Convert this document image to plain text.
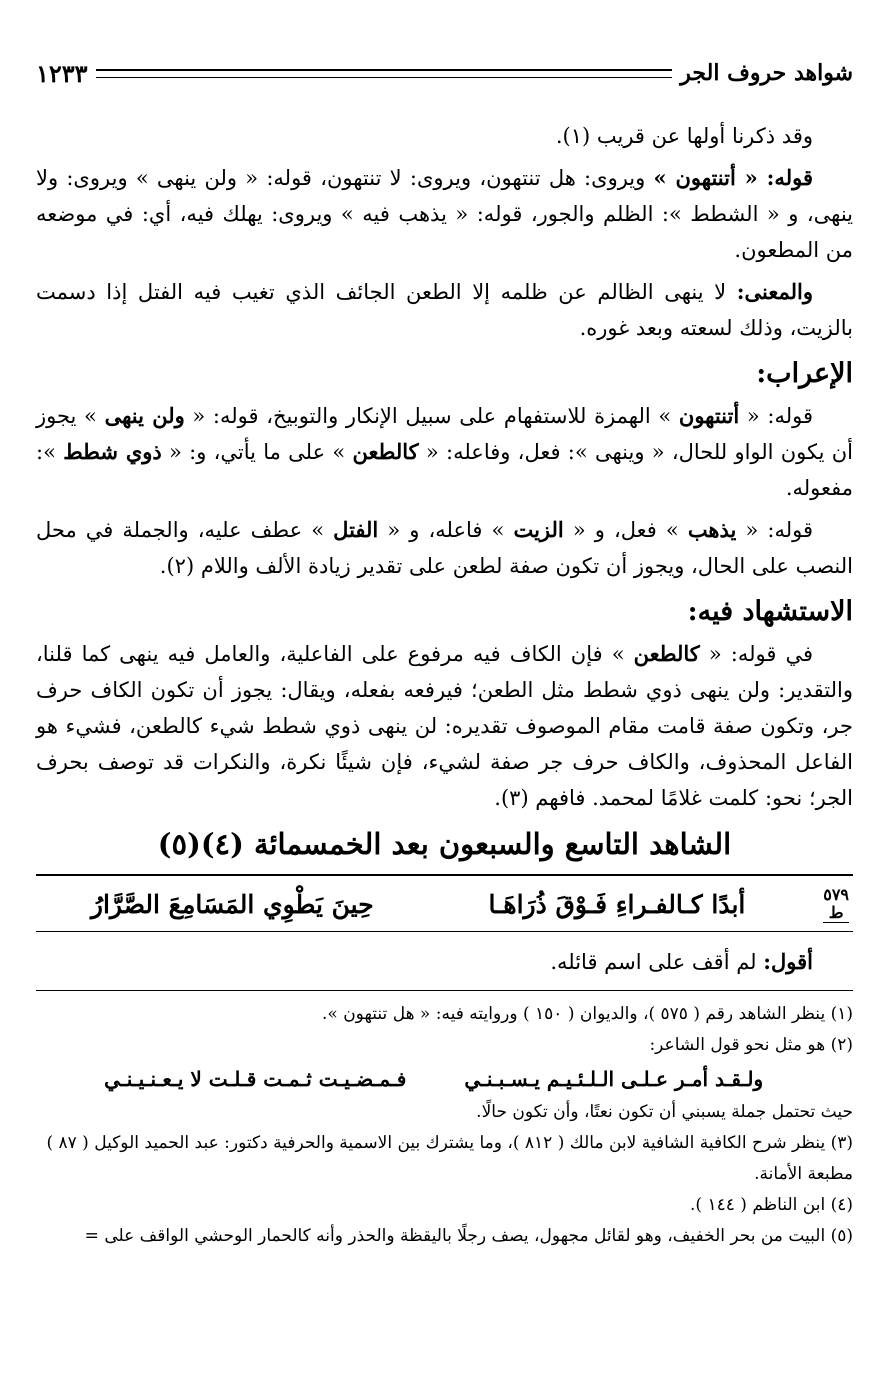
شواهد حروف الجر
١٢٣٣

وقد ذكرنا أولها عن قريب (١).

قوله: « أتنتهون » ويروى: هل تنتهون، ويروى: لا تنتهون، قوله: « ولن ينهى » ويروى: ولا ينهى، و « الشطط »: الظلم والجور، قوله: « يذهب فيه » ويروى: يهلك فيه، أي: في موضعه من المطعون.

والمعنى: لا ينهى الظالم عن ظلمه إلا الطعن الجائف الذي تغيب فيه الفتل إذا دسمت بالزيت، وذلك لسعته وبعد غوره.

الإعراب:

قوله: « أتنتهون » الهمزة للاستفهام على سبيل الإنكار والتوبيخ، قوله: « ولن ينهى » يجوز أن يكون الواو للحال، « وينهى »: فعل، وفاعله: « كالطعن » على ما يأتي، و: « ذوي شطط »: مفعوله.

قوله: « يذهب » فعل، و « الزيت » فاعله، و « الفتل » عطف عليه، والجملة في محل النصب على الحال، ويجوز أن تكون صفة لطعن على تقدير زيادة الألف واللام (٢).

الاستشهاد فيه:

في قوله: « كالطعن » فإن الكاف فيه مرفوع على الفاعلية، والعامل فيه ينهى كما قلنا، والتقدير: ولن ينهى ذوي شطط مثل الطعن؛ فيرفعه بفعله، ويقال: يجوز أن تكون الكاف حرف جر، وتكون صفة قامت مقام الموصوف تقديره: لن ينهى ذوي شطط شيء كالطعن، فشيء هو الفاعل المحذوف، والكاف حرف جر صفة لشيء، فإن شيئًا نكرة، والنكرات قد توصف بحرف الجر؛ نحو: كلمت غلامًا لمحمد. فافهم (٣).

الشاهد التاسع والسبعون بعد الخمسمائة (٤)(٥)
٥٧٩
ط
أبدًا كـالفـراءِ فَـوْقَ ذُرَاهَـا
حِينَ يَطْوِي المَسَامِعَ الصَّرَّارُ
أقول: لم أقف على اسم قائله.

(١) ينظر الشاهد رقم ( ٥٧٥ )، والديوان ( ١٥٠ ) وروايته فيه: « هل تنتهون ».

(٢) هو مثل نحو قول الشاعر:

ولـقـد أمـر عـلـى الـلـئـيـم يـسـبـنـي
فـمـضـيـت ثـمـت قـلـت لا يـعـنـيـنـي

حيث تحتمل جملة يسبني أن تكون نعتًا، وأن تكون حالًا.

(٣) ينظر شرح الكافية الشافية لابن مالك ( ٨١٢ )، وما يشترك بين الاسمية والحرفية دكتور: عبد الحميد الوكيل ( ٨٧ ) مطبعة الأمانة.

(٤) ابن الناظم ( ١٤٤ ).

(٥) البيت من بحر الخفيف، وهو لقائل مجهول، يصف رجلًا باليقظة والحذر وأنه كالحمار الوحشي الواقف على =
